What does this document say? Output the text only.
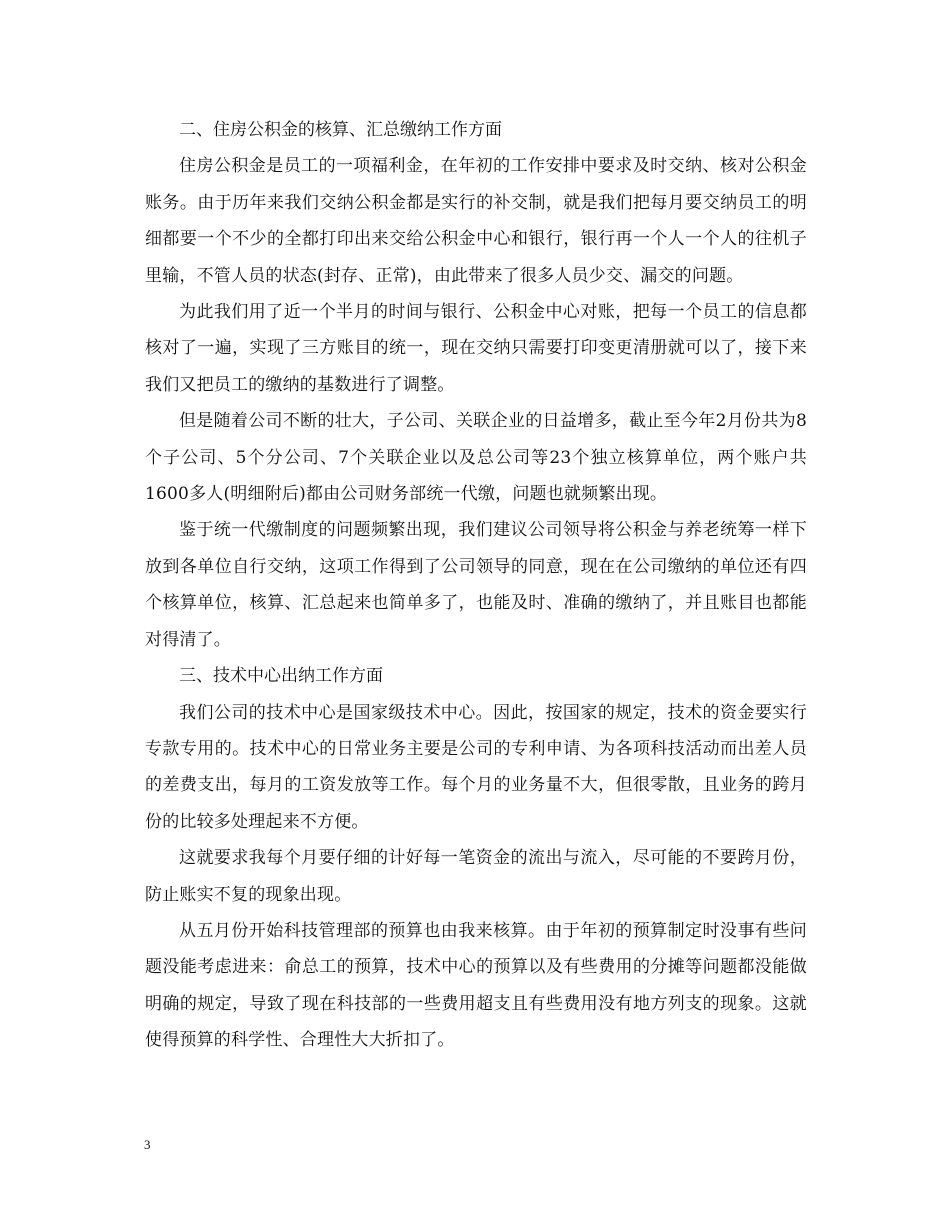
二、住房公积金的核算、汇总缴纳工作方面

住房公积金是员工的一项福利金，在年初的工作安排中要求及时交纳、核对公积金账务。由于历年来我们交纳公积金都是实行的补交制，就是我们把每月要交纳员工的明细都要一个不少的全都打印出来交给公积金中心和银行，银行再一个人一个人的往机子里输，不管人员的状态(封存、正常)，由此带来了很多人员少交、漏交的问题。

为此我们用了近一个半月的时间与银行、公积金中心对账，把每一个员工的信息都核对了一遍，实现了三方账目的统一，现在交纳只需要打印变更清册就可以了，接下来我们又把员工的缴纳的基数进行了调整。

但是随着公司不断的壮大，子公司、关联企业的日益增多，截止至今年2月份共为8个子公司、5个分公司、7个关联企业以及总公司等23个独立核算单位，两个账户共1600多人(明细附后)都由公司财务部统一代缴，问题也就频繁出现。

鉴于统一代缴制度的问题频繁出现，我们建议公司领导将公积金与养老统筹一样下放到各单位自行交纳，这项工作得到了公司领导的同意，现在在公司缴纳的单位还有四个核算单位，核算、汇总起来也简单多了，也能及时、准确的缴纳了，并且账目也都能对得清了。

三、技术中心出纳工作方面

我们公司的技术中心是国家级技术中心。因此，按国家的规定，技术的资金要实行专款专用的。技术中心的日常业务主要是公司的专利申请、为各项科技活动而出差人员的差费支出，每月的工资发放等工作。每个月的业务量不大，但很零散，且业务的跨月份的比较多处理起来不方便。

这就要求我每个月要仔细的计好每一笔资金的流出与流入，尽可能的不要跨月份，防止账实不复的现象出现。

从五月份开始科技管理部的预算也由我来核算。由于年初的预算制定时没事有些问题没能考虑进来：俞总工的预算，技术中心的预算以及有些费用的分摊等问题都没能做明确的规定，导致了现在科技部的一些费用超支且有些费用没有地方列支的现象。这就使得预算的科学性、合理性大大折扣了。

3
